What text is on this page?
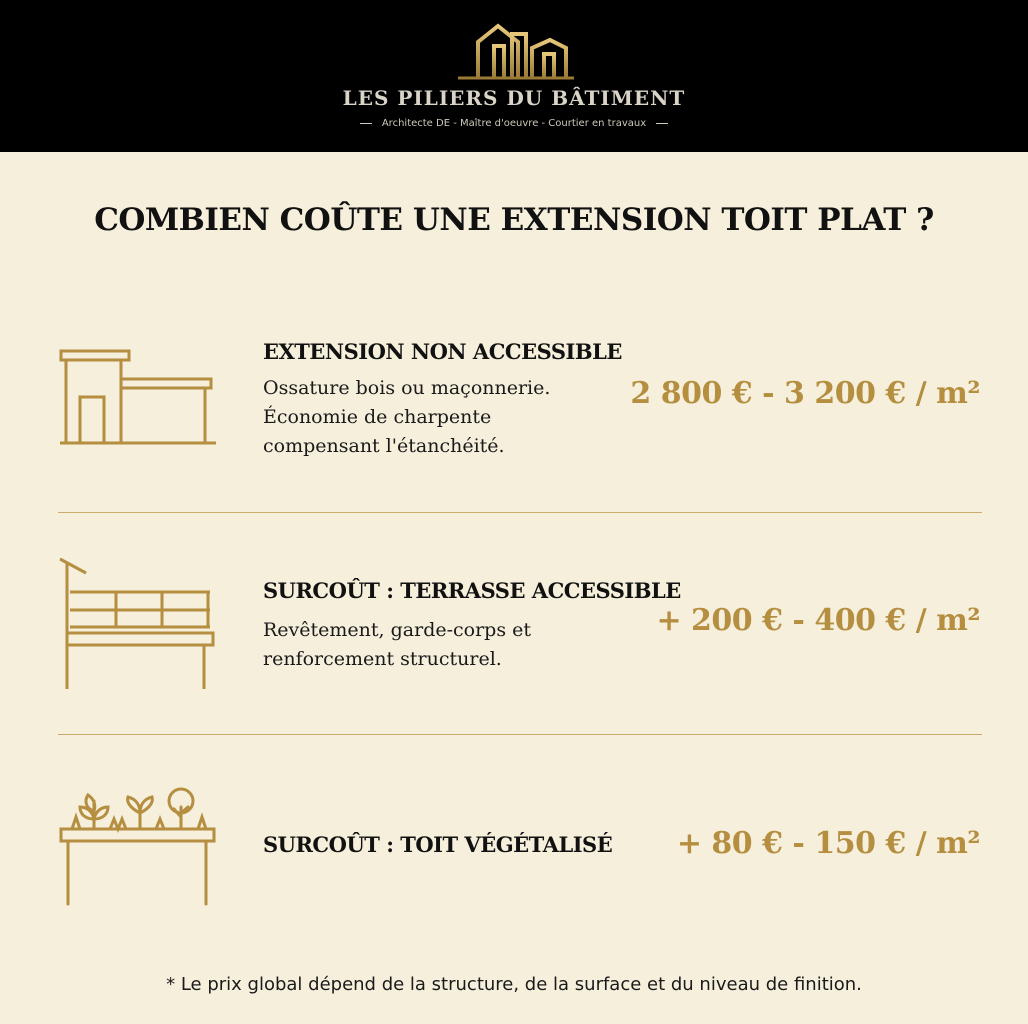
LES PILIERS DU BÂTIMENT
Architecte DE - Maître d'oeuvre - Courtier en travaux
COMBIEN COÛTE UNE EXTENSION TOIT PLAT ?
EXTENSION NON ACCESSIBLE
Ossature bois ou maçonnerie. Économie de charpente compensant l'étanchéité.
2 800 € - 3 200 € / m²
SURCOÛT : TERRASSE ACCESSIBLE
Revêtement, garde-corps et renforcement structurel.
+ 200 € - 400 € / m²
SURCOÛT : TOIT VÉGÉTALISÉ + 80 € - 150 € / m²
* Le prix global dépend de la structure, de la surface et du niveau de finition.
